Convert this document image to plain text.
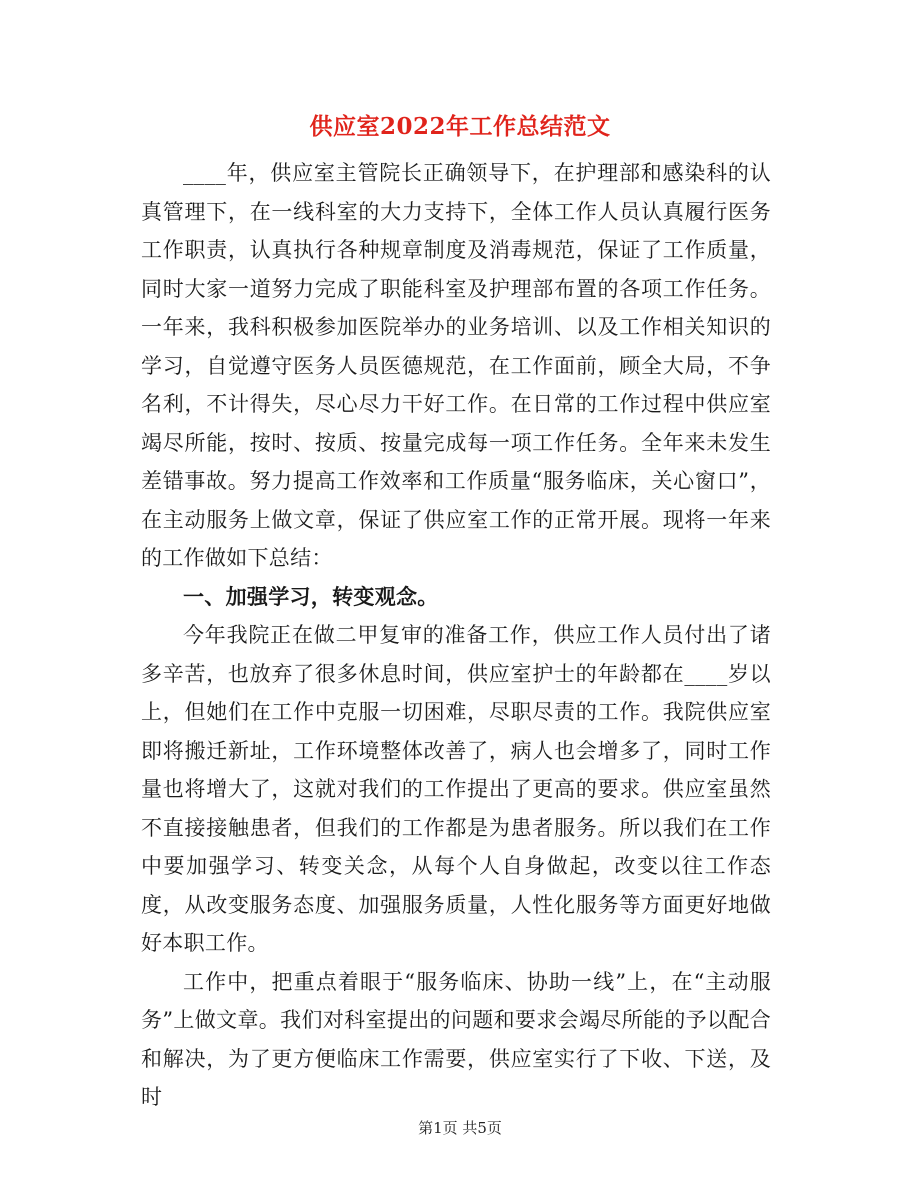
供应室2022年工作总结范文

____年，供应室主管院长正确领导下，在护理部和感染科的认真管理下，在一线科室的大力支持下，全体工作人员认真履行医务工作职责，认真执行各种规章制度及消毒规范，保证了工作质量，同时大家一道努力完成了职能科室及护理部布置的各项工作任务。一年来，我科积极参加医院举办的业务培训、以及工作相关知识的学习，自觉遵守医务人员医德规范，在工作面前，顾全大局，不争名利，不计得失，尽心尽力干好工作。在日常的工作过程中供应室竭尽所能，按时、按质、按量完成每一项工作任务。全年来未发生差错事故。努力提高工作效率和工作质量“服务临床，关心窗口”，在主动服务上做文章，保证了供应室工作的正常开展。现将一年来的工作做如下总结：

一、加强学习，转变观念。

今年我院正在做二甲复审的准备工作，供应工作人员付出了诸多辛苦，也放弃了很多休息时间，供应室护士的年龄都在____岁以上，但她们在工作中克服一切困难，尽职尽责的工作。我院供应室即将搬迁新址，工作环境整体改善了，病人也会增多了，同时工作量也将增大了，这就对我们的工作提出了更高的要求。供应室虽然不直接接触患者，但我们的工作都是为患者服务。所以我们在工作中要加强学习、转变关念，从每个人自身做起，改变以往工作态度，从改变服务态度、加强服务质量，人性化服务等方面更好地做好本职工作。

工作中，把重点着眼于“服务临床、协助一线”上，在“主动服务”上做文章。我们对科室提出的问题和要求会竭尽所能的予以配合和解决，为了更方便临床工作需要，供应室实行了下收、下送，及时

第1页 共5页
